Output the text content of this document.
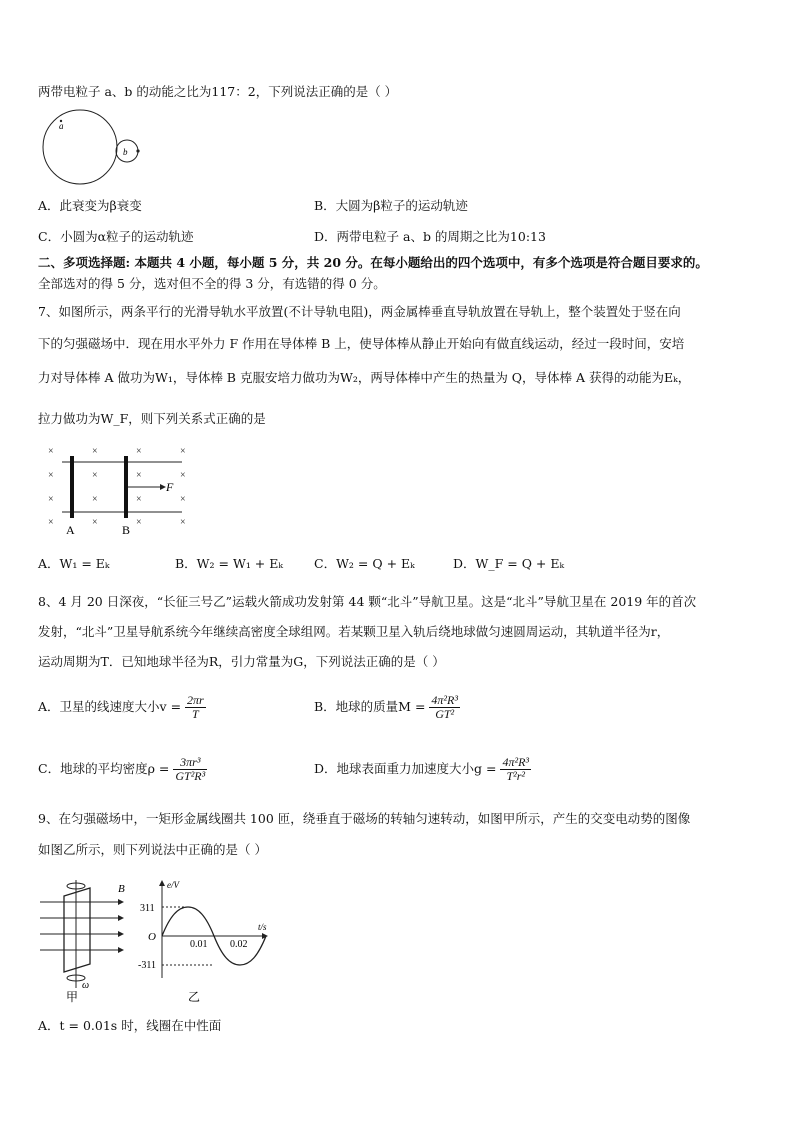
两带电粒子 a、b 的动能之比为117：2，下列说法正确的是（ ）
a
b
A．此衰变为β衰变	B．大圆为β粒子的运动轨迹
C．小圆为α粒子的运动轨迹	D．两带电粒子 a、b 的周期之比为10:13
二、多项选择题: 本题共 4 小题，每小题 5 分，共 20 分。在每小题给出的四个选项中，有多个选项是符合题目要求的。
全部选对的得 5 分，选对但不全的得 3 分，有选错的得 0 分。
7、如图所示，两条平行的光滑导轨水平放置(不计导轨电阻)，两金属棒垂直导轨放置在导轨上，整个装置处于竖在向
下的匀强磁场中．现在用水平外力 F 作用在导体棒 B 上，使导体棒从静止开始向有做直线运动，经过一段时间，安培
力对导体棒 A 做功为W₁，导体棒 B 克服安培力做功为W₂，两导体棒中产生的热量为 Q，导体棒 A 获得的动能为Eₖ，
拉力做功为W_F，则下列关系式正确的是
×	×	×	×
×	×	×	×
×	×	×	×
×	×	×	×
F
A	B
A．W₁ = Eₖ	B．W₂ = W₁ + Eₖ C．W₂ = Q + Eₖ	D．W_F = Q + Eₖ
8、4 月 20 日深夜，“长征三号乙”运载火箭成功发射第 44 颗“北斗”导航卫星。这是“北斗”导航卫星在 2019 年的首次
发射，“北斗”卫星导航系统今年继续高密度全球组网。若某颗卫星入轨后绕地球做匀速圆周运动，其轨道半径为r，
运动周期为T．已知地球半径为R，引力常量为G，下列说法正确的是（ ）
A．卫星的线速度大小$v = \frac{2\pi r}{T}$	B．地球的质量$M = \frac{\text{4π²R³}}{\text{GT²}}$
C．地球的平均密度$\rho = \frac{\text{3πr³}}{\text{GT²R³}}$	D．地球表面重力加速度大小$g = \frac{\text{4π²R³}}{\text{T²r²}}$
9、在匀强磁场中，一矩形金属线圈共 100 匝，绕垂直于磁场的转轴匀速转动，如图甲所示，产生的交变电动势的图像
如图乙所示，则下列说法中正确的是（ ）
B
ω
甲
e/V
t/s
O
311
-311
0.01 0.02
乙
A．t = 0.01s 时，线圈在中性面
